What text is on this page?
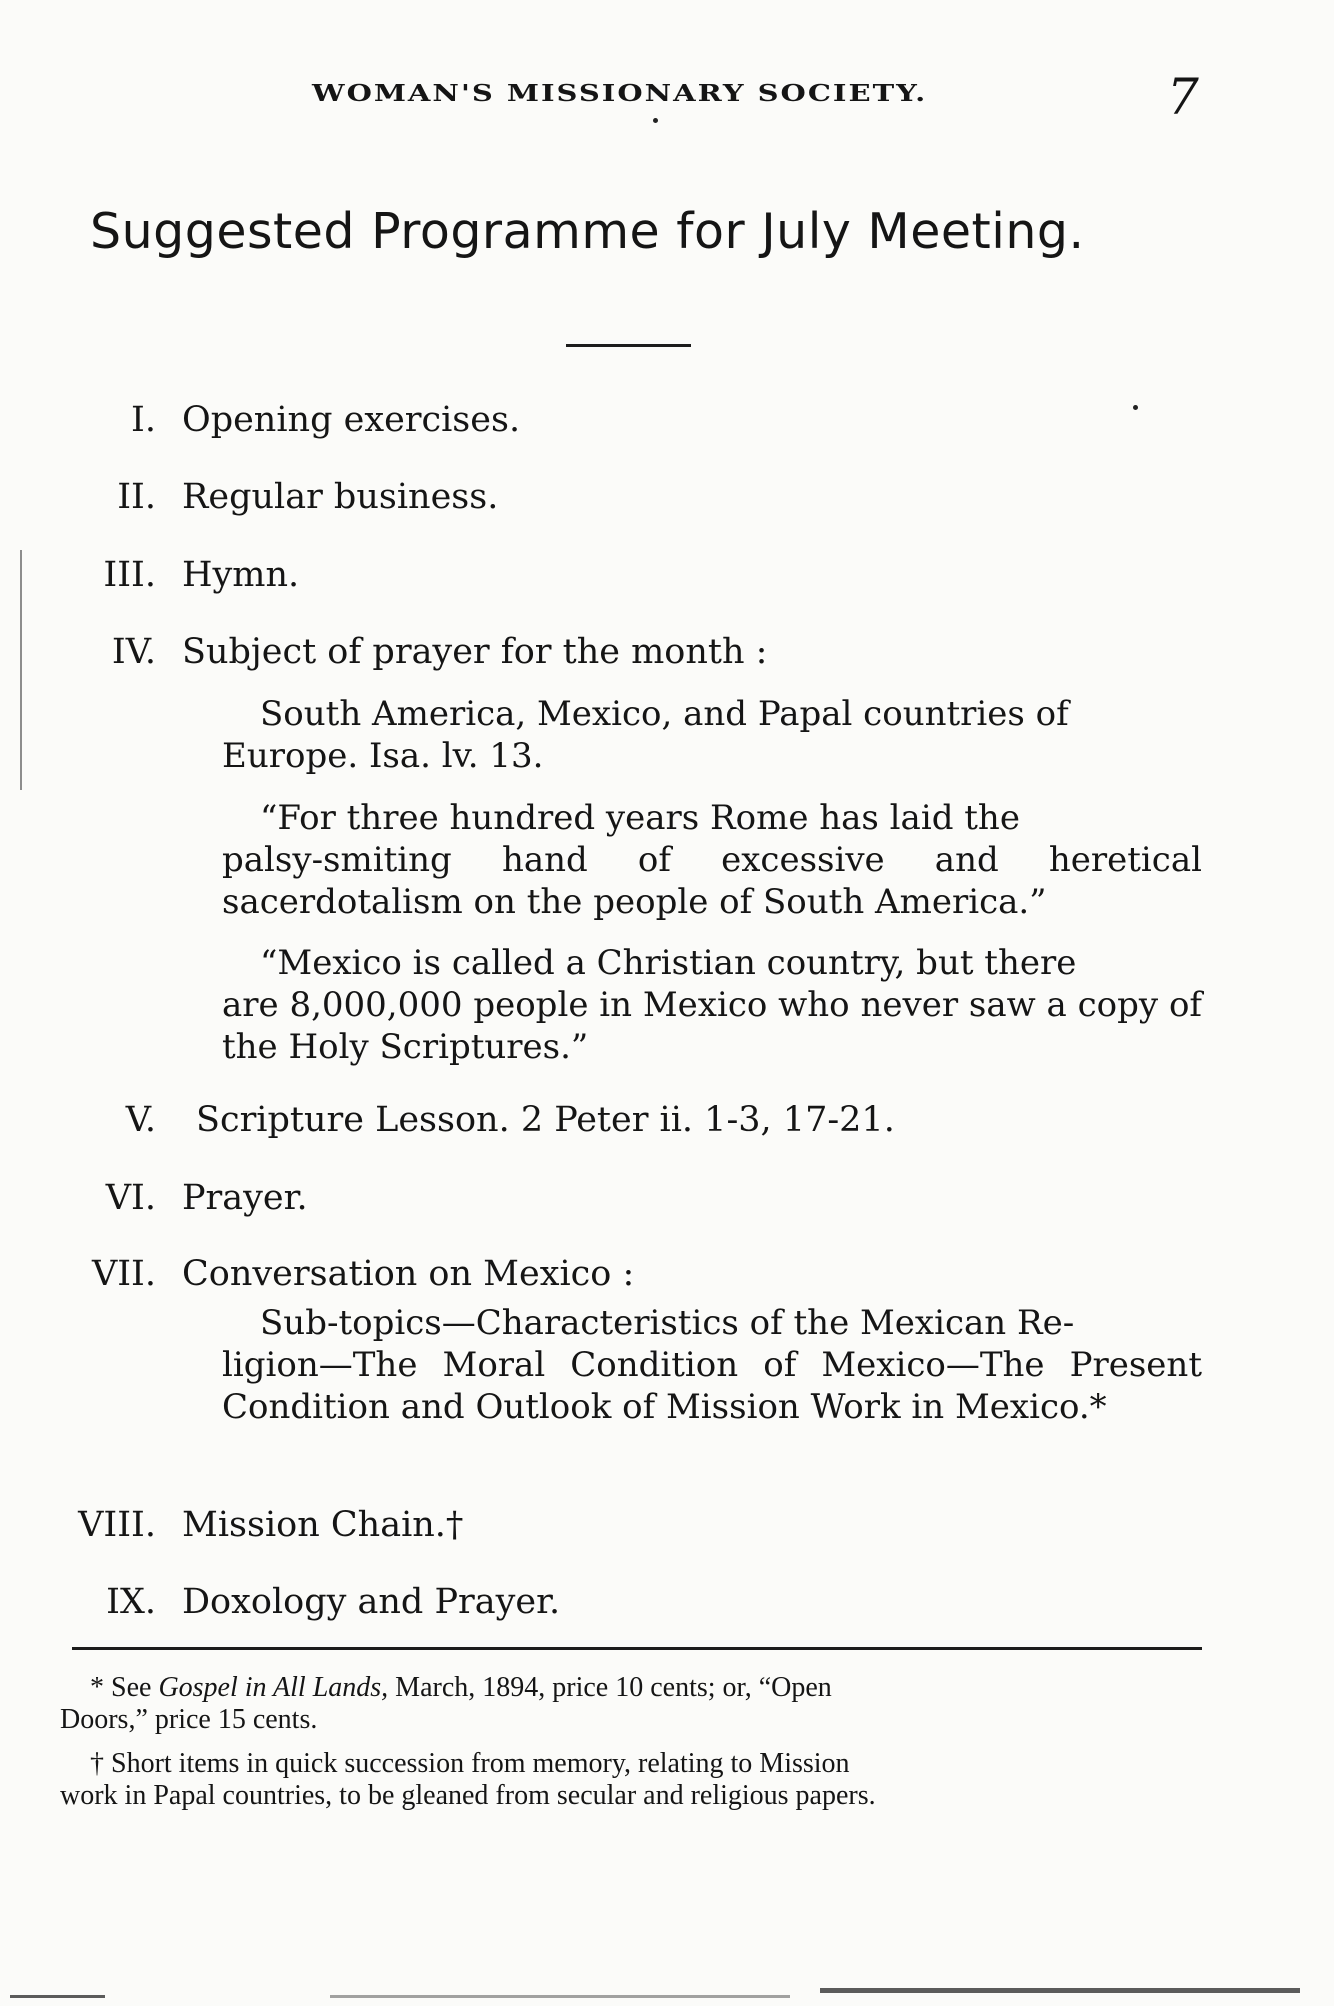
WOMAN'S MISSIONARY SOCIETY.	7
Suggested Programme for July Meeting.
I. Opening exercises.
II. Regular business.
III. Hymn.
IV. Subject of prayer for the month :
South America, Mexico, and Papal countries of
Europe. Isa. lv. 13.
“For three hundred years Rome has laid the
palsy-smiting hand of excessive and heretical sacerdotalism on the people of South America.”
“Mexico is called a Christian country, but there
are 8,000,000 people in Mexico who never saw a copy of the Holy Scriptures.”
V. Scripture Lesson. 2 Peter ii. 1-3, 17-21.
VI. Prayer.
VII. Conversation on Mexico :
Sub-topics—Characteristics of the Mexican Re-
ligion—The Moral Condition of Mexico—The Present Condition and Outlook of Mission Work in Mexico.*
VIII. Mission Chain.†
IX. Doxology and Prayer.
* See Gospel in All Lands, March, 1894, price 10 cents; or, “Open
Doors,” price 15 cents.
† Short items in quick succession from memory, relating to Mission
work in Papal countries, to be gleaned from secular and religious papers.
